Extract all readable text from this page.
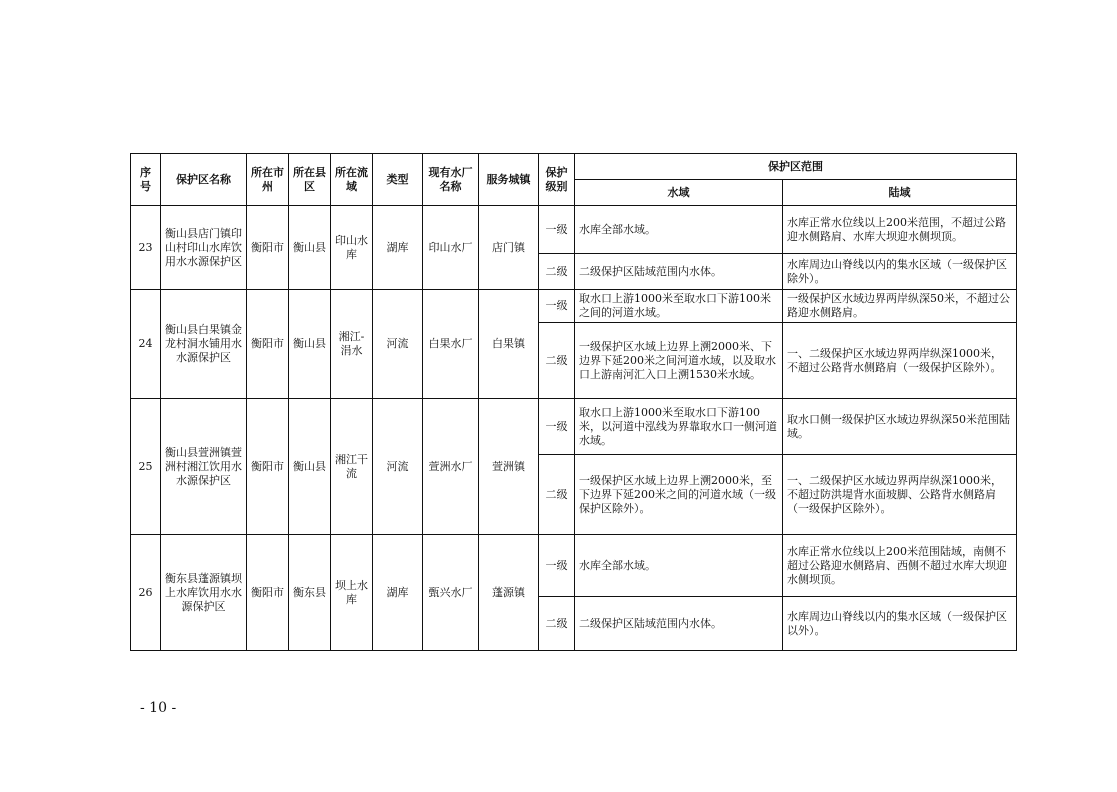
序号	保护区名称	所在市州	所在县区	所在流域	类型	现有水厂名称	服务城镇	保护级别	保护区范围	
									水域	陆域
23	衡山县店门镇印山村印山水库饮用水水源保护区	衡阳市	衡山县	印山水库	湖库	印山水厂	店门镇	一级	水库全部水域。	水库正常水位线以上200米范围，不超过公路迎水侧路肩、水库大坝迎水侧坝顶。
								二级	二级保护区陆域范围内水体。	水库周边山脊线以内的集水区域（一级保护区除外）。
24	衡山县白果镇金龙村洞水铺用水水源保护区	衡阳市	衡山县	湘江-涓水	河流	白果水厂	白果镇	一级	取水口上游1000米至取水口下游100米之间的河道水域。	一级保护区水域边界两岸纵深50米，不超过公路迎水侧路肩。
								二级	一级保护区水域上边界上溯2000米、下边界下延200米之间河道水域，以及取水口上游南河汇入口上溯1530米水域。	一、二级保护区水域边界两岸纵深1000米，不超过公路背水侧路肩（一级保护区除外）。
25	衡山县萱洲镇萱洲村湘江饮用水水源保护区	衡阳市	衡山县	湘江干流	河流	萱洲水厂	萱洲镇	一级	取水口上游1000米至取水口下游100米，以河道中泓线为界靠取水口一侧河道水域。	取水口侧一级保护区水域边界纵深50米范围陆域。
								二级	一级保护区水域上边界上溯2000米，至下边界下延200米之间的河道水域（一级保护区除外）。	一、二级保护区水域边界两岸纵深1000米，不超过防洪堤背水面坡脚、公路背水侧路肩（一级保护区除外）。
26	衡东县蓬源镇坝上水库饮用水水源保护区	衡阳市	衡东县	坝上水库	湖库	甄兴水厂	蓬源镇	一级	水库全部水域。	水库正常水位线以上200米范围陆域，南侧不超过公路迎水侧路肩、西侧不超过水库大坝迎水侧坝顶。
								二级	二级保护区陆域范围内水体。	水库周边山脊线以内的集水区域（一级保护区以外）。
- 10 -
